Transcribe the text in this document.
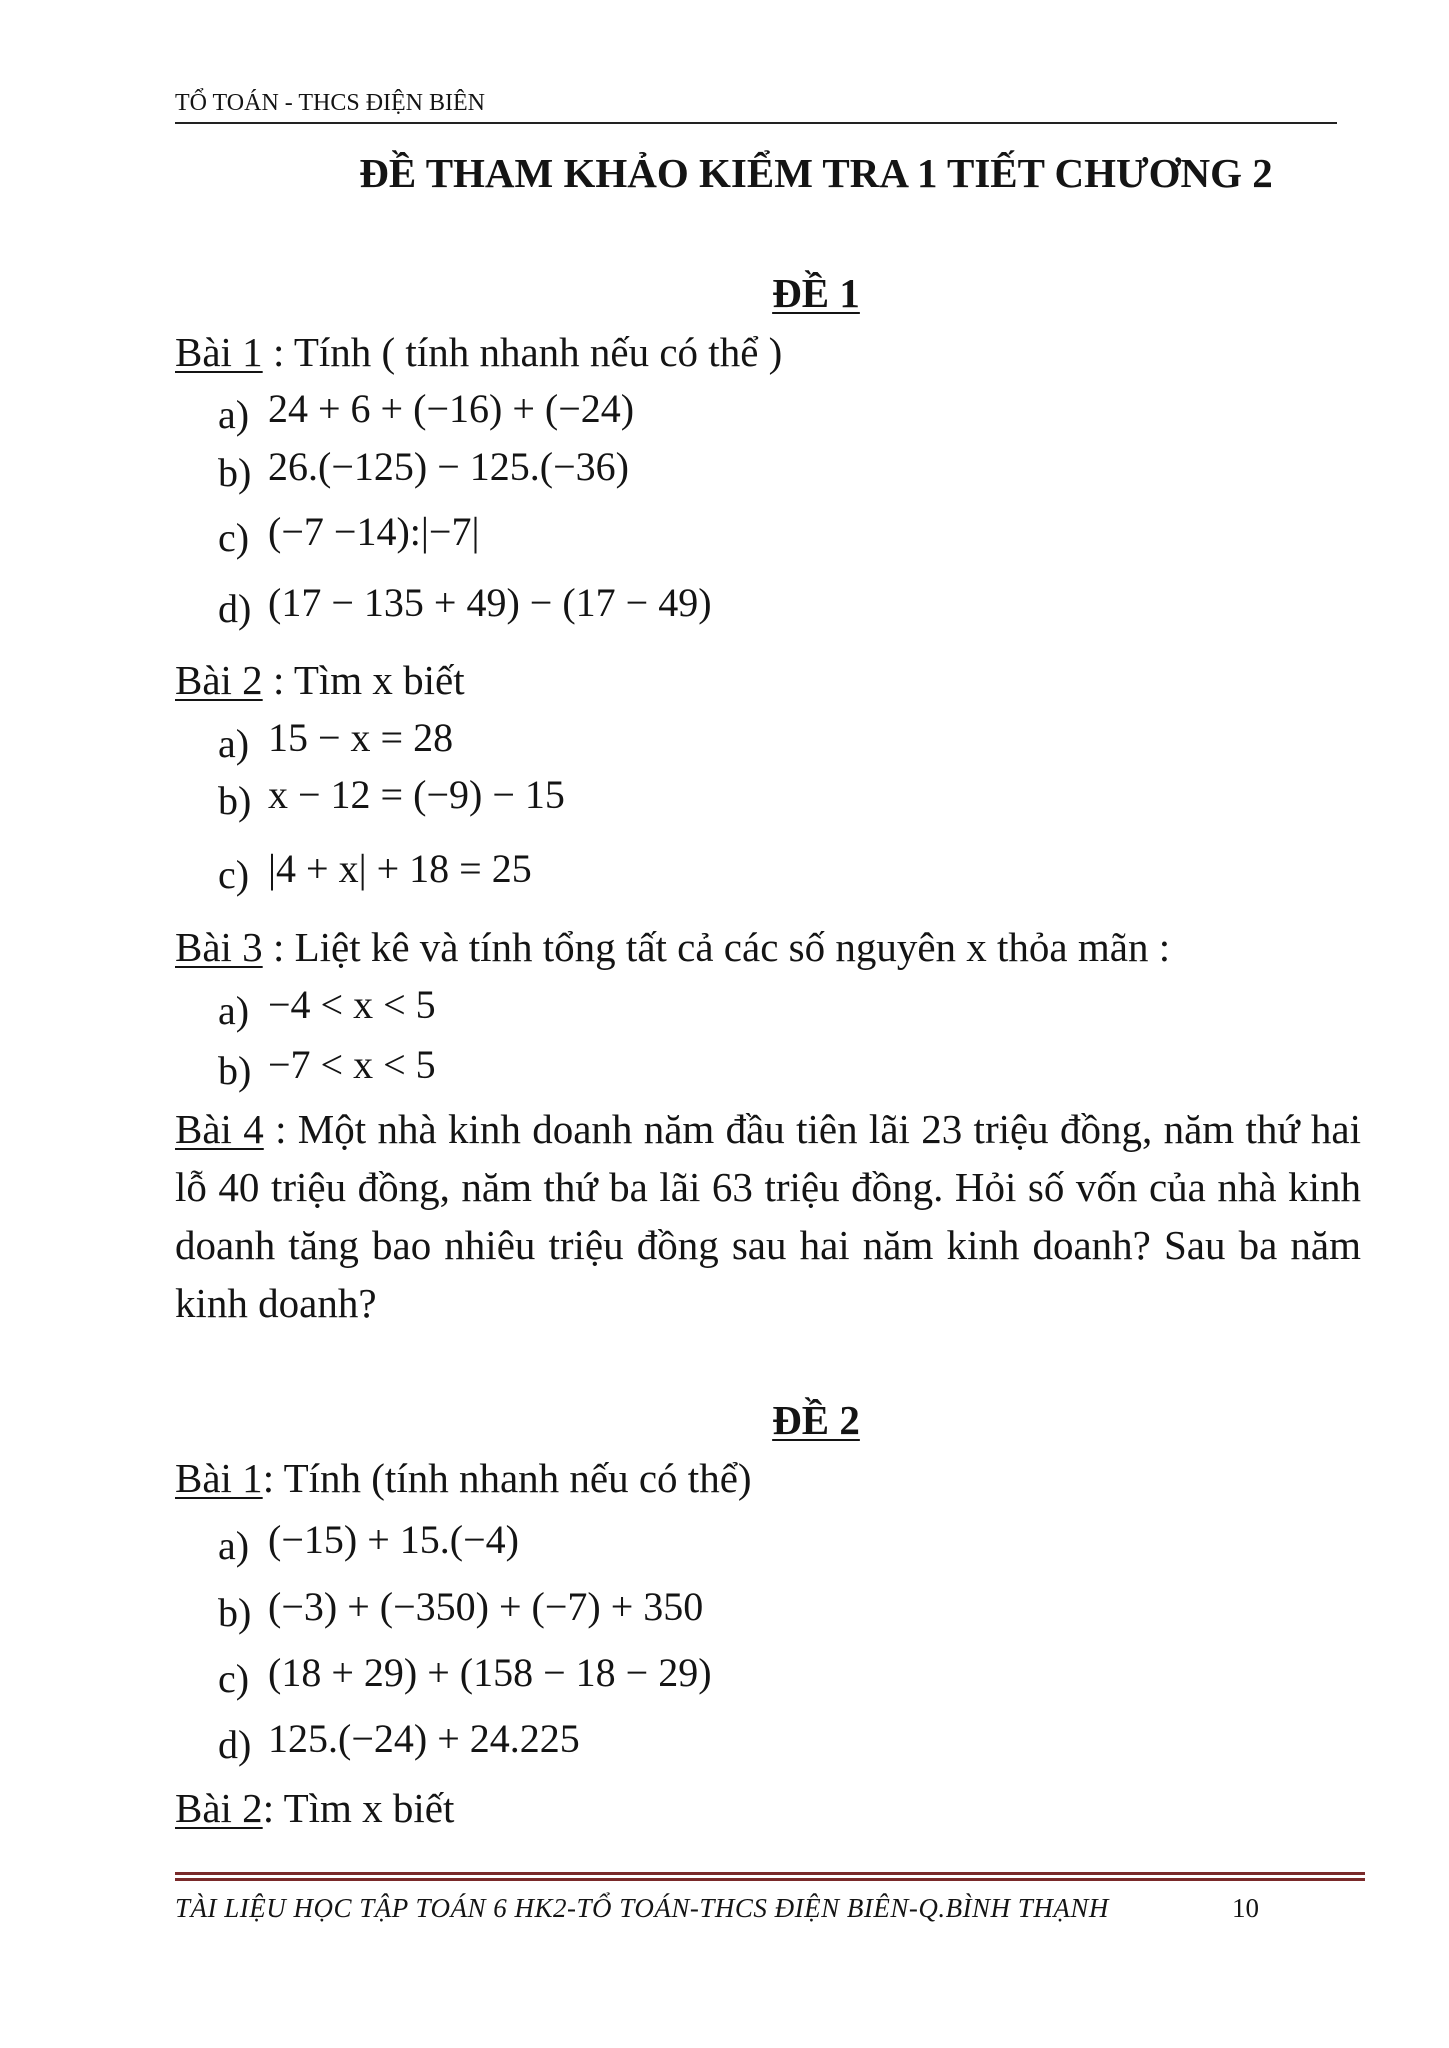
TỔ TOÁN - THCS ĐIỆN BIÊN
ĐỀ THAM KHẢO KIỂM TRA 1 TIẾT CHƯƠNG 2
ĐỀ 1
Bài 1 : Tính ( tính nhanh nếu có thể )
a) 24 + 6 + (−16) + (−24)
b) 26.(−125) − 125.(−36)
c) (−7 −14):|−7|
d) (17 − 135 + 49) − (17 − 49)
Bài 2 : Tìm x biết
a) 15 − x = 28
b) x − 12 = (−9) − 15
c) |4 + x| + 18 = 25
Bài 3 : Liệt kê và tính tổng tất cả các số nguyên x thỏa mãn :
a) −4 < x < 5
b) −7 < x < 5
Bài 4 : Một nhà kinh doanh năm đầu tiên lãi 23 triệu đồng, năm thứ hai lỗ 40 triệu đồng, năm thứ ba lãi 63 triệu đồng. Hỏi số vốn của nhà kinh doanh tăng bao nhiêu triệu đồng sau hai năm kinh doanh? Sau ba năm kinh doanh?
ĐỀ 2
Bài 1: Tính (tính nhanh nếu có thể)
a) (−15) + 15.(−4)
b) (−3) + (−350) + (−7) + 350
c) (18 + 29) + (158 − 18 − 29)
d) 125.(−24) + 24.225
Bài 2: Tìm x biết
TÀI LIỆU HỌC TẬP TOÁN 6 HK2-TỔ TOÁN-THCS ĐIỆN BIÊN-Q.BÌNH THẠNH	10
